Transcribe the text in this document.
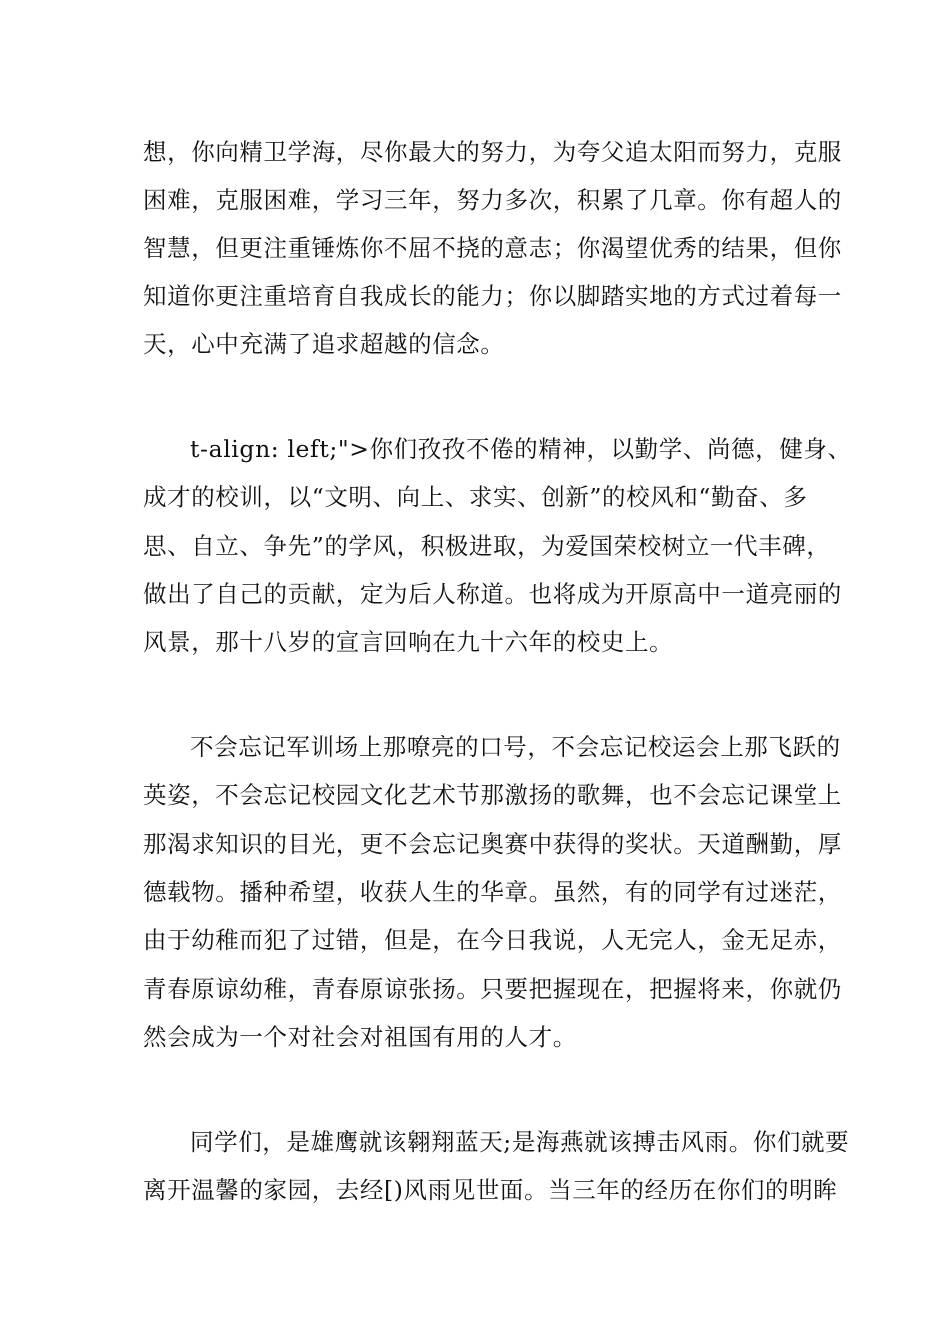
想，你向精卫学海，尽你最大的努力，为夸父追太阳而努力，克服
困难，克服困难，学习三年，努力多次，积累了几章。你有超人的
智慧，但更注重锤炼你不屈不挠的意志；你渴望优秀的结果，但你
知道你更注重培育自我成长的能力；你以脚踏实地的方式过着每一
天，心中充满了追求超越的信念。
t-align: left;">你们孜孜不倦的精神，以勤学、尚德，健身、
成才的校训，以“文明、向上、求实、创新”的校风和“勤奋、多
思、自立、争先”的学风，积极进取，为爱国荣校树立一代丰碑，
做出了自己的贡献，定为后人称道。也将成为开原高中一道亮丽的
风景，那十八岁的宣言回响在九十六年的校史上。
不会忘记军训场上那嘹亮的口号，不会忘记校运会上那飞跃的
英姿，不会忘记校园文化艺术节那激扬的歌舞，也不会忘记课堂上
那渴求知识的目光，更不会忘记奥赛中获得的奖状。天道酬勤，厚
德载物。播种希望，收获人生的华章。虽然，有的同学有过迷茫，
由于幼稚而犯了过错，但是，在今日我说，人无完人，金无足赤，
青春原谅幼稚，青春原谅张扬。只要把握现在，把握将来，你就仍
然会成为一个对社会对祖国有用的人才。
同学们，是雄鹰就该翱翔蓝天;是海燕就该搏击风雨。你们就要
离开温馨的家园，去经[)风雨见世面。当三年的经历在你们的明眸
